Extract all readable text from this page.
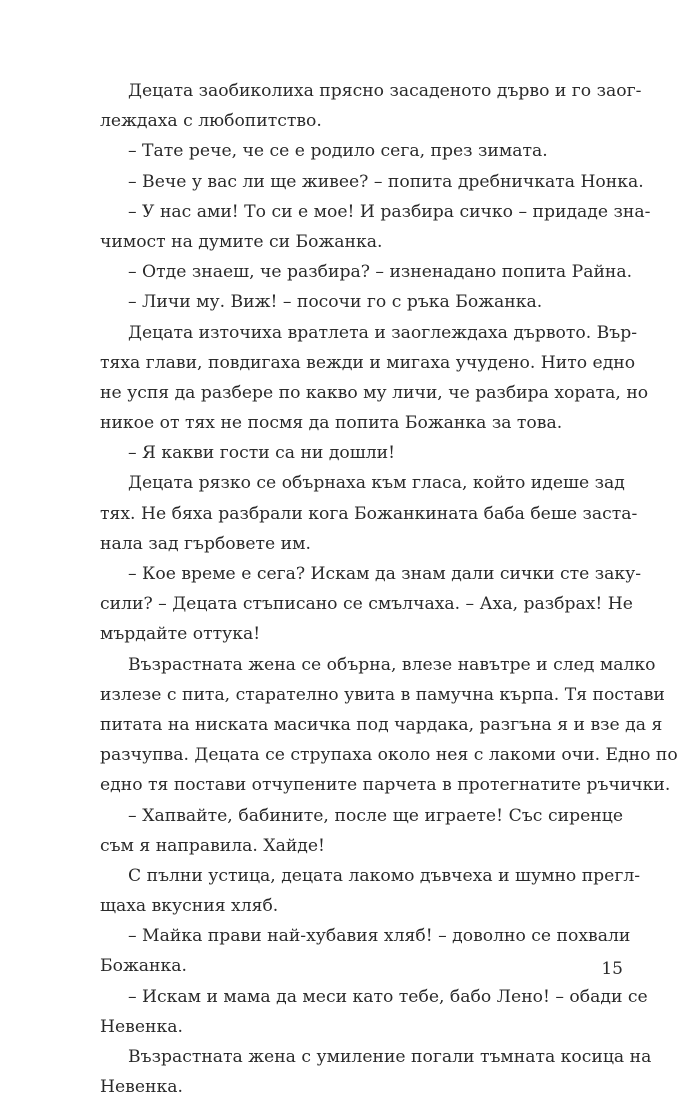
Децата заобиколиха прясно засаденото дърво и го заог-
леждаха с любопитство.
– Тате рече, че се е родило сега, през зимата.
– Вече у вас ли ще живее? – попита дребничката Нонка.
– У нас ами! То си е мое! И разбира сичко – придаде зна-
чимост на думите си Божанка.
– Отде знаеш, че разбира? – изненадано попита Райна.
– Личи му. Виж! – посочи го с ръка Божанка.
Децата източиха вратлета и заоглеждаха дървото. Вър-
тяха глави, повдигаха вежди и мигаха учудено. Нито едно
не успя да разбере по какво му личи, че разбира хората, но
никое от тях не посмя да попита Божанка за това.
– Я какви гости са ни дошли!
Децата рязко се обърнаха към гласа, който идеше зад
тях. Не бяха разбрали кога Божанкината баба беше заста-
нала зад гърбовете им.
– Кое време е сега? Искам да знам дали сички сте заку-
сили? – Децата стъписано се смълчаха. – Аха, разбрах! Не
мърдайте оттука!
Възрастната жена се обърна, влезе навътре и след малко
излезе с пита, старателно увита в памучна кърпа. Тя постави
питата на ниската масичка под чардака, разгъна я и взе да я
разчупва. Децата се струпаха около нея с лакоми очи. Едно по
едно тя постави отчупените парчета в протегнатите ръчички.
– Хапвайте, бабините, после ще играете! Със сиренце
съм я направила. Хайде!
С пълни устица, децата лакомо дъвчеха и шумно прегл-
щаха вкусния хляб.
– Майка прави най-хубавия хляб! – доволно се похвали
Божанка.
– Искам и мама да меси като тебе, бабо Лено! – обади се
Невенка.
Възрастната жена с умиление погали тъмната косица на
Невенка.
15
